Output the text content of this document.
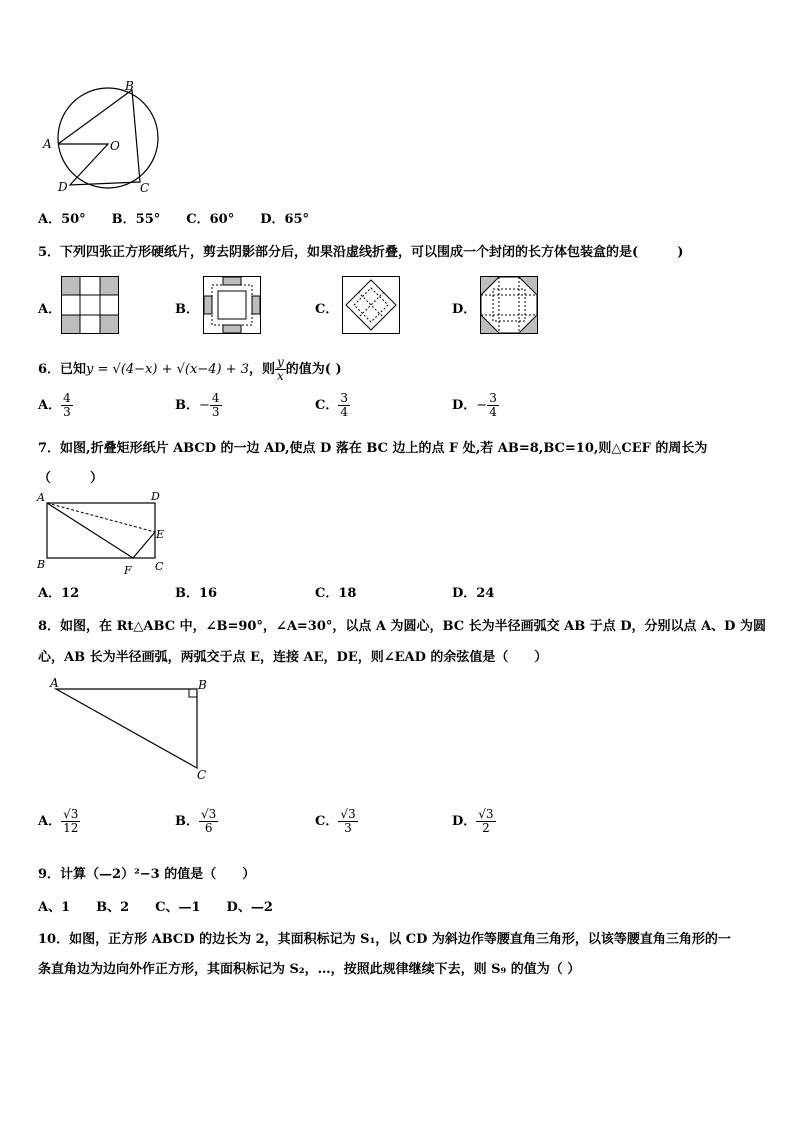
A
B
O
D	C
A．50°　　B．55°　　C．60°　　D．65°
5．下列四张正方形硬纸片，剪去阴影部分后，如果沿虚线折叠，可以围成一个封闭的长方体包装盒的是(　　　)
A．	B．	C．	D．
6．已知y = √(4−x) + √(x−4) + 3，则 $\frac{y}{x}$ 的值为( )
A． $\frac{4}{3}$	B．− $\frac{4}{3}$	C． $\frac{3}{4}$	D．− $\frac{3}{4}$
7．如图,折叠矩形纸片 ABCD 的一边 AD,使点 D 落在 BC 边上的点 F 处,若 AB=8,BC=10,则△CEF 的周长为
（　　　）
A	D
E
B	F C
A．12	B．16	C．18	D．24
8．如图，在 Rt△ABC 中，∠B=90°，∠A=30°，以点 A 为圆心，BC 长为半径画弧交 AB 于点 D，分别以点 A、D 为圆
心，AB 长为半径画弧，两弧交于点 E，连接 AE，DE，则∠EAD 的余弦值是（　　）
A	B
C
A． $\frac{√3}{12}$	B． $\frac{√3}{6}$	C． $\frac{√3}{3}$	D． $\frac{√3}{2}$
9．计算（—2）²−3 的值是（　　）
A、1　　B、2　　C、—1　　D、—2
10．如图，正方形 ABCD 的边长为 2，其面积标记为 S₁，以 CD 为斜边作等腰直角三角形，以该等腰直角三角形的一
条直角边为边向外作正方形，其面积标记为 S₂，…，按照此规律继续下去，则 S₉ 的值为（ ）
